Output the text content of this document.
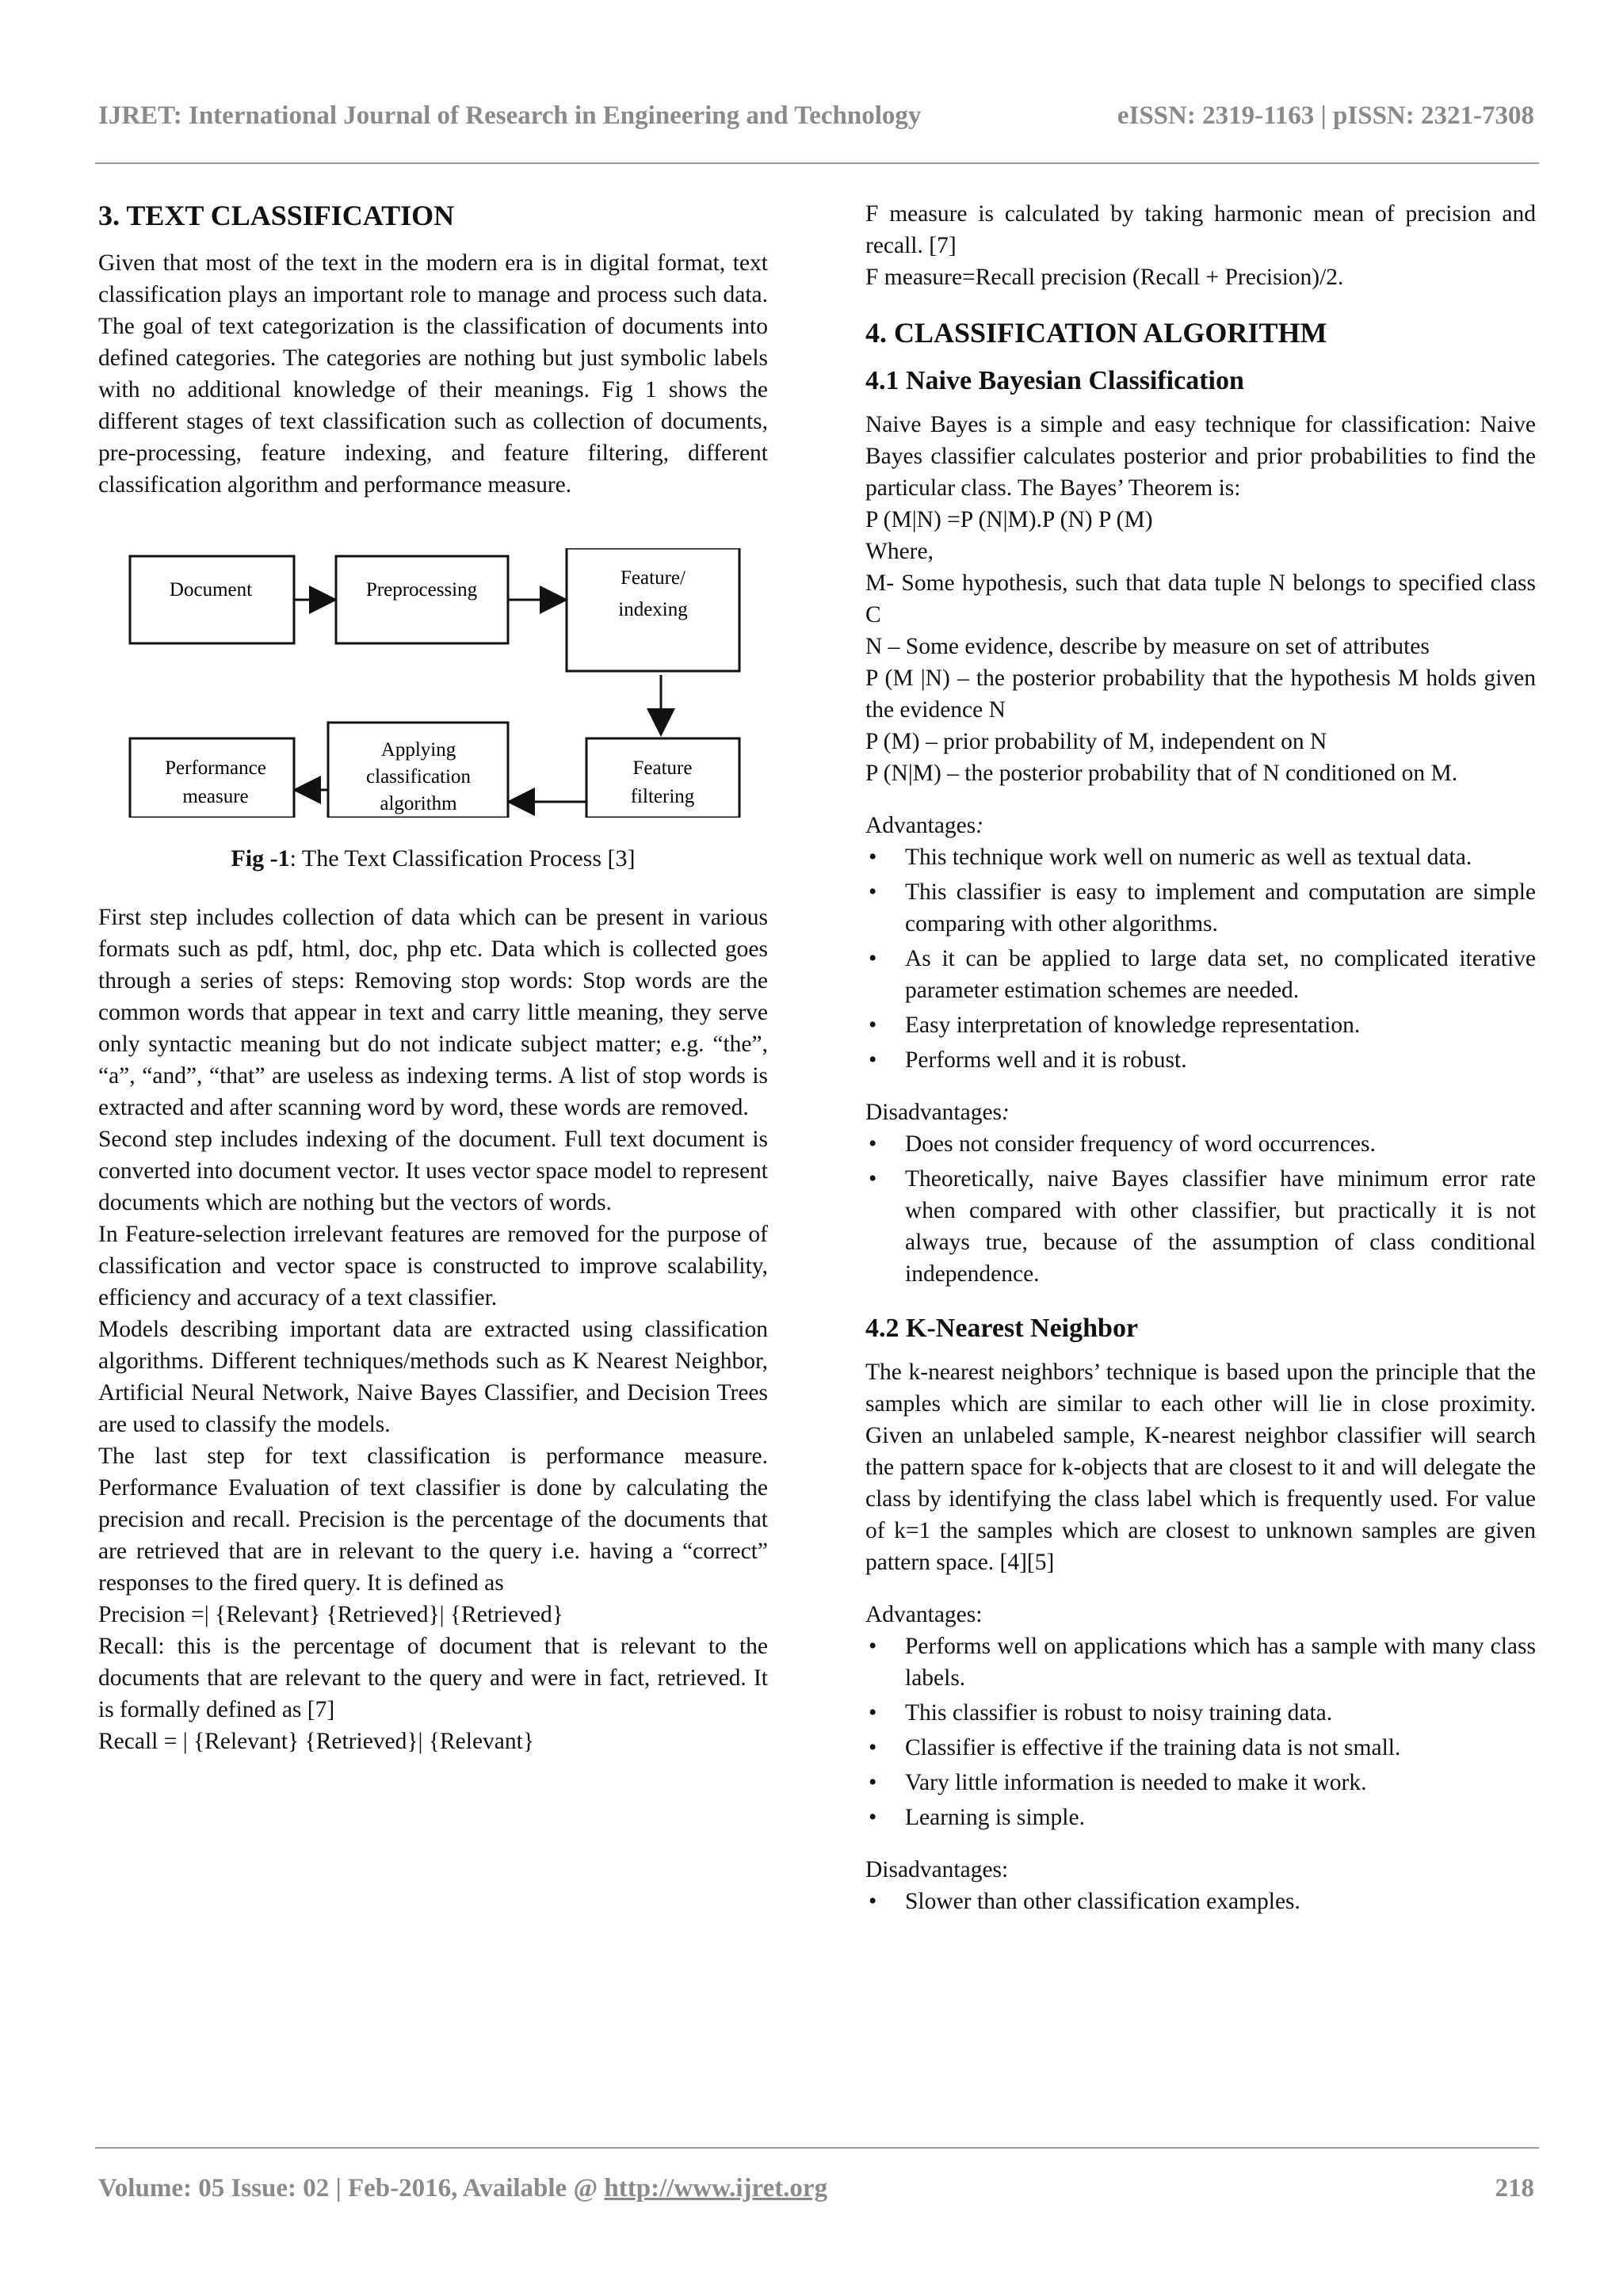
IJRET: International Journal of Research in Engineering and Technology	eISSN: 2319-1163 | pISSN: 2321-7308
3. TEXT CLASSIFICATION

Given that most of the text in the modern era is in digital format, text classification plays an important role to manage and process such data. The goal of text categorization is the classification of documents into defined categories. The categories are nothing but just symbolic labels with no additional knowledge of their meanings. Fig 1 shows the different stages of text classification such as collection of documents, pre-processing, feature indexing, and feature filtering, different classification algorithm and performance measure.

Document	Preprocessing
Feature/
indexing
Performance
measure
Applying
classification
algorithm
Feature
filtering
Fig -1: The Text Classification Process [3]

First step includes collection of data which can be present in various formats such as pdf, html, doc, php etc. Data which is collected goes through a series of steps: Removing stop words: Stop words are the common words that appear in text and carry little meaning, they serve only syntactic meaning but do not indicate subject matter; e.g. “the”, “a”, “and”, “that” are useless as indexing terms. A list of stop words is extracted and after scanning word by word, these words are removed.

Second step includes indexing of the document. Full text document is converted into document vector. It uses vector space model to represent documents which are nothing but the vectors of words.

In Feature-selection irrelevant features are removed for the purpose of classification and vector space is constructed to improve scalability, efficiency and accuracy of a text classifier.

Models describing important data are extracted using classification algorithms. Different techniques/methods such as K Nearest Neighbor, Artificial Neural Network, Naive Bayes Classifier, and Decision Trees are used to classify the models.

The last step for text classification is performance measure. Performance Evaluation of text classifier is done by calculating the precision and recall. Precision is the percentage of the documents that are retrieved that are in relevant to the query i.e. having a “correct” responses to the fired query. It is defined as

Precision =| {Relevant} {Retrieved}| {Retrieved}

Recall: this is the percentage of document that is relevant to the documents that are relevant to the query and were in fact, retrieved. It is formally defined as [7]

Recall = | {Relevant} {Retrieved}| {Relevant}

F measure is calculated by taking harmonic mean of precision and recall. [7]

F measure=Recall precision (Recall + Precision)/2.

4. CLASSIFICATION ALGORITHM
4.1 Naive Bayesian Classification

Naive Bayes is a simple and easy technique for classification: Naive Bayes classifier calculates posterior and prior probabilities to find the particular class. The Bayes’ Theorem is:

P (M|N) =P (N|M).P (N) P (M)

Where,

M- Some hypothesis, such that data tuple N belongs to specified class C

N – Some evidence, describe by measure on set of attributes

P (M |N) – the posterior probability that the hypothesis M holds given the evidence N

P (M) – prior probability of M, independent on N

P (N|M) – the posterior probability that of N conditioned on M.

Advantages:

• This technique work well on numeric as well as textual data.
• This classifier is easy to implement and computation are simple comparing with other algorithms.
• As it can be applied to large data set, no complicated iterative parameter estimation schemes are needed.
• Easy interpretation of knowledge representation.
• Performs well and it is robust.

Disadvantages:

• Does not consider frequency of word occurrences.
• Theoretically, naive Bayes classifier have minimum error rate when compared with other classifier, but practically it is not always true, because of the assumption of class conditional independence.
4.2 K-Nearest Neighbor

The k-nearest neighbors’ technique is based upon the principle that the samples which are similar to each other will lie in close proximity. Given an unlabeled sample, K-nearest neighbor classifier will search the pattern space for k-objects that are closest to it and will delegate the class by identifying the class label which is frequently used. For value of k=1 the samples which are closest to unknown samples are given pattern space. [4][5]

Advantages:

• Performs well on applications which has a sample with many class labels.
• This classifier is robust to noisy training data.
• Classifier is effective if the training data is not small.
• Vary little information is needed to make it work.
• Learning is simple.

Disadvantages:

• Slower than other classification examples.
Volume: 05 Issue: 02 | Feb-2016, Available @ http://www.ijret.org	218
